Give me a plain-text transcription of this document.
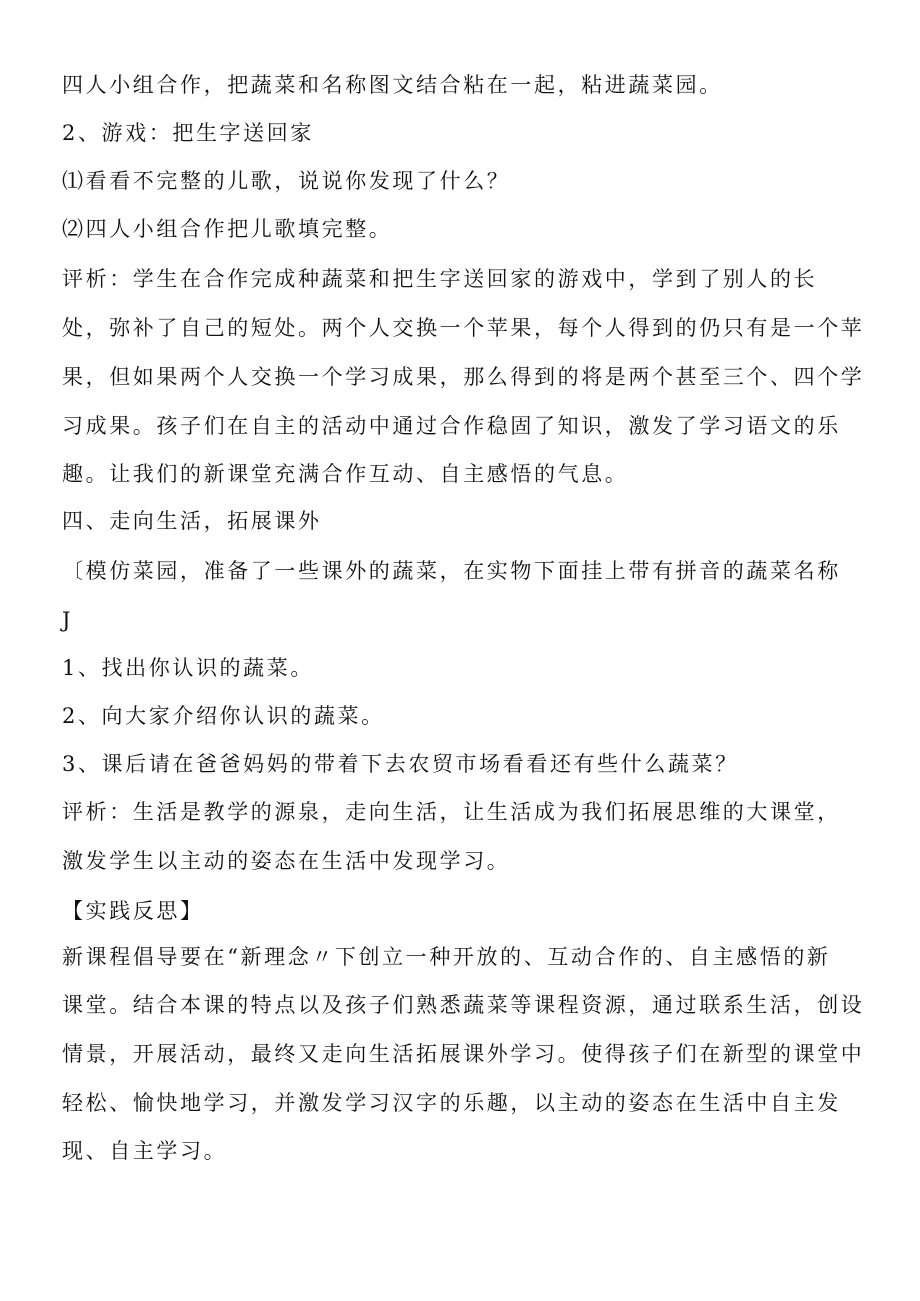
四人小组合作，把蔬菜和名称图文结合粘在一起，粘进蔬菜园。
2、游戏：把生字送回家
⑴看看不完整的儿歌，说说你发现了什么？
⑵四人小组合作把儿歌填完整。
评析：学生在合作完成种蔬菜和把生字送回家的游戏中，学到了别人的长
处，弥补了自己的短处。两个人交换一个苹果，每个人得到的仍只有是一个苹
果，但如果两个人交换一个学习成果，那么得到的将是两个甚至三个、四个学
习成果。孩子们在自主的活动中通过合作稳固了知识，激发了学习语文的乐
趣。让我们的新课堂充满合作互动、自主感悟的气息。
四、走向生活，拓展课外
〔模仿菜园，准备了一些课外的蔬菜，在实物下面挂上带有拼音的蔬菜名称
J
1、找出你认识的蔬菜。
2、向大家介绍你认识的蔬菜。
3、课后请在爸爸妈妈的带着下去农贸市场看看还有些什么蔬菜？
评析：生活是教学的源泉，走向生活，让生活成为我们拓展思维的大课堂，
激发学生以主动的姿态在生活中发现学习。
【实践反思】
新课程倡导要在“新理念〃下创立一种开放的、互动合作的、自主感悟的新
课堂。结合本课的特点以及孩子们熟悉蔬菜等课程资源，通过联系生活，创设
情景，开展活动，最终又走向生活拓展课外学习。使得孩子们在新型的课堂中
轻松、愉快地学习，并激发学习汉字的乐趣，以主动的姿态在生活中自主发
现、自主学习。
